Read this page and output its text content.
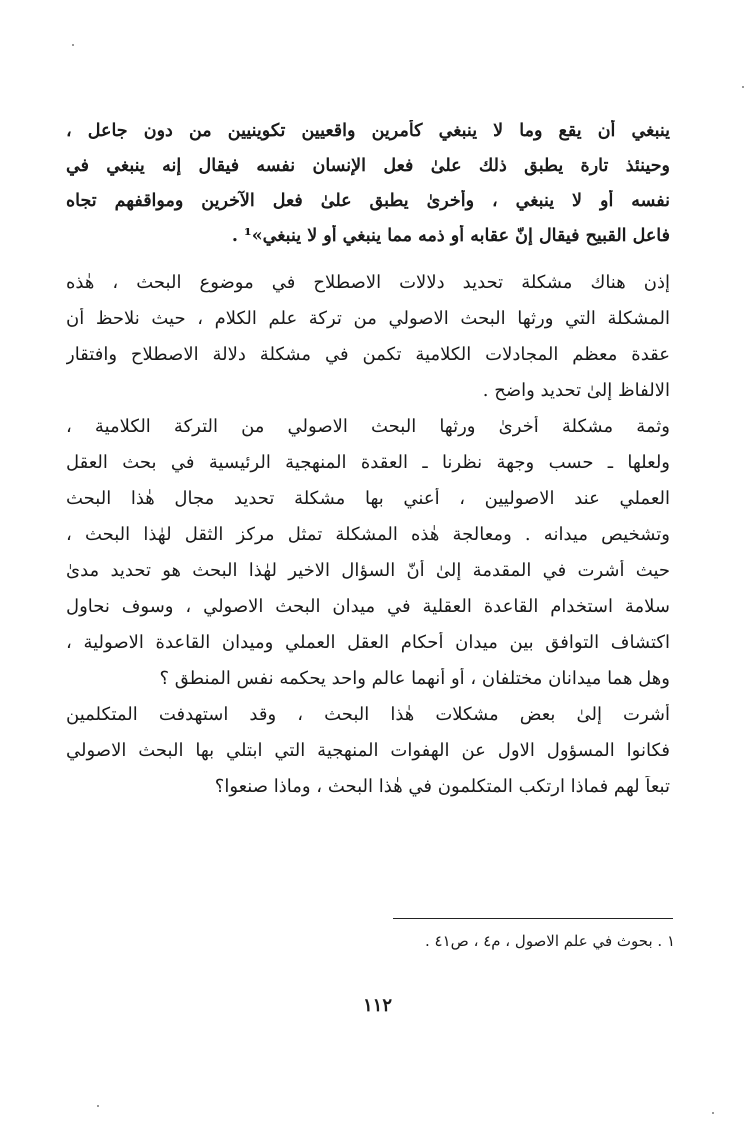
ينبغي أن يقع وما لا ينبغي كأمرين واقعيين تكوينيين من دون جاعل ،
وحينئذ تارة يطبق ذلك علىٰ فعل الإنسان نفسه فيقال إنه ينبغي في
نفسه أو لا ينبغي ، وأخرىٰ يطبق علىٰ فعل الآخرين ومواقفهم تجاه
فاعل القبيح فيقال إنّ عقابه أو ذمه مما ينبغي أو لا ينبغي»¹ .
إذن هناك مشكلة تحديد دلالات الاصطلاح في موضوع البحث ، هٰذه
المشكلة التي ورثها البحث الاصولي من تركة علم الكلام ، حيث نلاحظ أن
عقدة معظم المجادلات الكلامية تكمن في مشكلة دلالة الاصطلاح وافتقار
الالفاظ إلىٰ تحديد واضح .
وثمة مشكلة أخرىٰ ورثها البحث الاصولي من التركة الكلامية ،
ولعلها ـ حسب وجهة نظرنا ـ العقدة المنهجية الرئيسية في بحث العقل
العملي عند الاصوليين ، أعني بها مشكلة تحديد مجال هٰذا البحث
وتشخيص ميدانه . ومعالجة هٰذه المشكلة تمثل مركز الثقل لهٰذا البحث ،
حيث أشرت في المقدمة إلىٰ أنّ السؤال الاخير لهٰذا البحث هو تحديد مدىٰ
سلامة استخدام القاعدة العقلية في ميدان البحث الاصولي ، وسوف نحاول
اكتشاف التوافق بين ميدان أحكام العقل العملي وميدان القاعدة الاصولية ،
وهل هما ميدانان مختلفان ، أو أنهما عالم واحد يحكمه نفس المنطق ؟
أشرت إلىٰ بعض مشكلات هٰذا البحث ، وقد استهدفت المتكلمين
فكانوا المسؤول الاول عن الهفوات المنهجية التي ابتلي بها البحث الاصولي
تبعاً لهم فماذا ارتكب المتكلمون في هٰذا البحث ، وماذا صنعوا؟
١ . بحوث في علم الاصول ، م٤ ، ص٤١ .
١١٢
